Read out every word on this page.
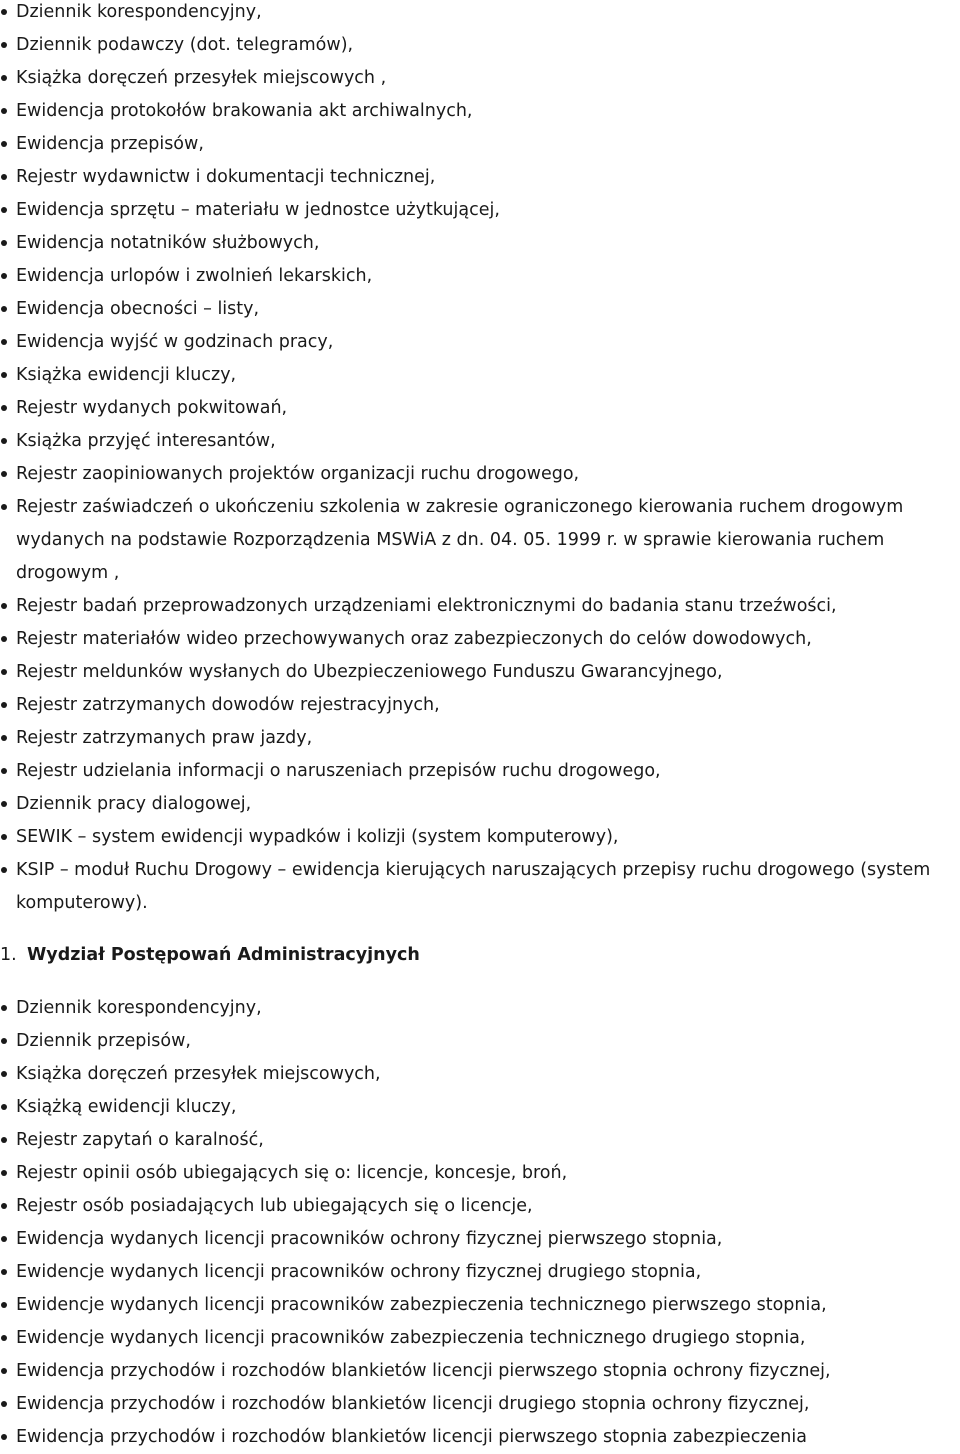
Dziennik korespondencyjny,
Dziennik podawczy (dot. telegramów),
Książka doręczeń przesyłek miejscowych ,
Ewidencja protokołów brakowania akt archiwalnych,
Ewidencja przepisów,
Rejestr wydawnictw i dokumentacji technicznej,
Ewidencja sprzętu – materiału w jednostce użytkującej,
Ewidencja notatników służbowych,
Ewidencja urlopów i zwolnień lekarskich,
Ewidencja obecności – listy,
Ewidencja wyjść w godzinach pracy,
Książka ewidencji kluczy,
Rejestr wydanych pokwitowań,
Książka przyjęć interesantów,
Rejestr zaopiniowanych projektów organizacji ruchu drogowego,
Rejestr zaświadczeń o ukończeniu szkolenia w zakresie ograniczonego kierowania ruchem drogowym wydanych na podstawie Rozporządzenia MSWiA z dn. 04. 05. 1999 r. w sprawie kierowania ruchem drogowym ,
Rejestr badań przeprowadzonych urządzeniami elektronicznymi do badania stanu trzeźwości,
Rejestr materiałów wideo przechowywanych oraz zabezpieczonych do celów dowodowych,
Rejestr meldunków wysłanych do Ubezpieczeniowego Funduszu Gwarancyjnego,
Rejestr zatrzymanych dowodów rejestracyjnych,
Rejestr zatrzymanych praw jazdy,
Rejestr udzielania informacji o naruszeniach przepisów ruchu drogowego,
Dziennik pracy dialogowej,
SEWIK – system ewidencji wypadków i kolizji (system komputerowy),
KSIP – moduł Ruchu Drogowy – ewidencja kierujących naruszających przepisy ruchu drogowego (system komputerowy).
1. Wydział Postępowań Administracyjnych
Dziennik korespondencyjny,
Dziennik przepisów,
Książka doręczeń przesyłek miejscowych,
Książką ewidencji kluczy,
Rejestr zapytań o karalność,
Rejestr opinii osób ubiegających się o: licencje, koncesje, broń,
Rejestr osób posiadających lub ubiegających się o licencje,
Ewidencja wydanych licencji pracowników ochrony fizycznej pierwszego stopnia,
Ewidencje wydanych licencji pracowników ochrony fizycznej drugiego stopnia,
Ewidencje wydanych licencji pracowników zabezpieczenia technicznego pierwszego stopnia,
Ewidencje wydanych licencji pracowników zabezpieczenia technicznego drugiego stopnia,
Ewidencja przychodów i rozchodów blankietów licencji pierwszego stopnia ochrony fizycznej,
Ewidencja przychodów i rozchodów blankietów licencji drugiego stopnia ochrony fizycznej,
Ewidencja przychodów i rozchodów blankietów licencji pierwszego stopnia zabezpieczenia
